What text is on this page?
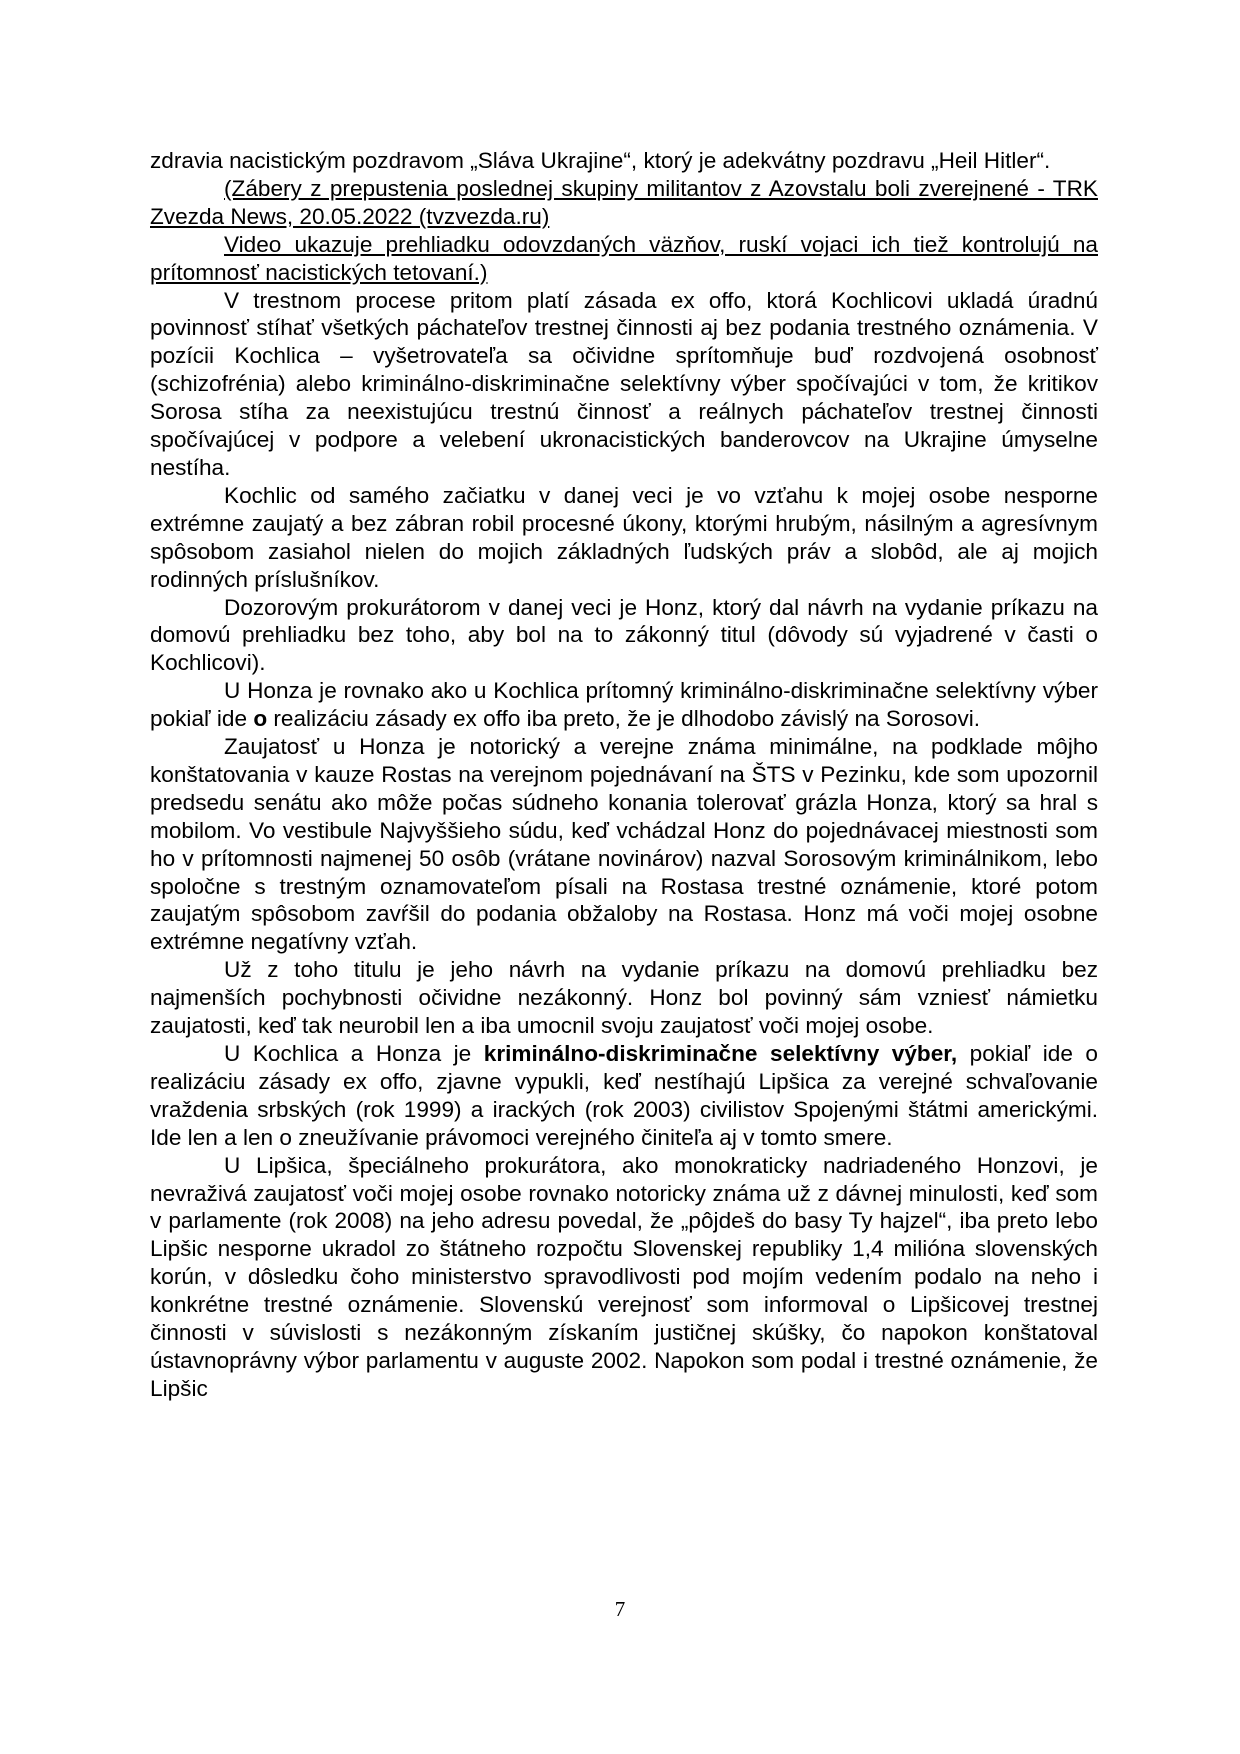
zdravia nacistickým pozdravom „Sláva Ukrajine“, ktorý je adekvátny pozdravu „Heil Hitler“.

(Zábery z prepustenia poslednej skupiny militantov z Azovstalu boli zverejnené - TRK Zvezda News, 20.05.2022 (tvzvezda.ru)

Video ukazuje prehliadku odovzdaných väzňov, ruskí vojaci ich tiež kontrolujú na prítomnosť nacistických tetovaní.)

V trestnom procese pritom platí zásada ex offo, ktorá Kochlicovi ukladá úradnú povinnosť stíhať všetkých páchateľov trestnej činnosti aj bez podania trestného oznámenia. V pozícii Kochlica – vyšetrovateľa sa očividne sprítomňuje buď rozdvojená osobnosť (schizofrénia) alebo kriminálno-diskriminačne selektívny výber spočívajúci v tom, že kritikov Sorosa stíha za neexistujúcu trestnú činnosť a reálnych páchateľov trestnej činnosti spočívajúcej v podpore a velebení ukronacistických banderovcov na Ukrajine úmyselne nestíha.

Kochlic od samého začiatku v danej veci je vo vzťahu k mojej osobe nesporne extrémne zaujatý a bez zábran robil procesné úkony, ktorými hrubým, násilným a agresívnym spôsobom zasiahol nielen do mojich základných ľudských práv a slobôd, ale aj mojich rodinných príslušníkov.

Dozorovým prokurátorom v danej veci je Honz, ktorý dal návrh na vydanie príkazu na domovú prehliadku bez toho, aby bol na to zákonný titul (dôvody sú vyjadrené v časti o Kochlicovi).

U Honza je rovnako ako u Kochlica prítomný kriminálno-diskriminačne selektívny výber pokiaľ ide o realizáciu zásady ex offo iba preto, že je dlhodobo závislý na Sorosovi.

Zaujatosť u Honza je notorický a verejne známa minimálne, na podklade môjho konštatovania v kauze Rostas na verejnom pojednávaní na ŠTS v Pezinku, kde som upozornil predsedu senátu ako môže počas súdneho konania tolerovať grázla Honza, ktorý sa hral s mobilom. Vo vestibule Najvyššieho súdu, keď vchádzal Honz do pojednávacej miestnosti som ho v prítomnosti najmenej 50 osôb (vrátane novinárov) nazval Sorosovým kriminálnikom, lebo spoločne s trestným oznamovateľom písali na Rostasa trestné oznámenie, ktoré potom zaujatým spôsobom zavŕšil do podania obžaloby na Rostasa. Honz má voči mojej osobne extrémne negatívny vzťah.

Už z toho titulu je jeho návrh na vydanie príkazu na domovú prehliadku bez najmenších pochybnosti očividne nezákonný. Honz bol povinný sám vzniesť námietku zaujatosti, keď tak neurobil len a iba umocnil svoju zaujatosť voči mojej osobe.

U Kochlica a Honza je kriminálno-diskriminačne selektívny výber, pokiaľ ide o realizáciu zásady ex offo, zjavne vypukli, keď nestíhajú Lipšica za verejné schvaľovanie vraždenia srbských (rok 1999) a irackých (rok 2003) civilistov Spojenými štátmi americkými. Ide len a len o zneužívanie právomoci verejného činiteľa aj v tomto smere.

U Lipšica, špeciálneho prokurátora, ako monokraticky nadriadeného Honzovi, je nevraživá zaujatosť voči mojej osobe rovnako notoricky známa už z dávnej minulosti, keď som v parlamente (rok 2008) na jeho adresu povedal, že „pôjdeš do basy Ty hajzel“, iba preto lebo Lipšic nesporne ukradol zo štátneho rozpočtu Slovenskej republiky 1,4 milióna slovenských korún, v dôsledku čoho ministerstvo spravodlivosti pod mojím vedením podalo na neho i konkrétne trestné oznámenie. Slovenskú verejnosť som informoval o Lipšicovej trestnej činnosti v súvislosti s nezákonným získaním justičnej skúšky, čo napokon konštatoval ústavnoprávny výbor parlamentu v auguste 2002. Napokon som podal i trestné oznámenie, že Lipšic

7
